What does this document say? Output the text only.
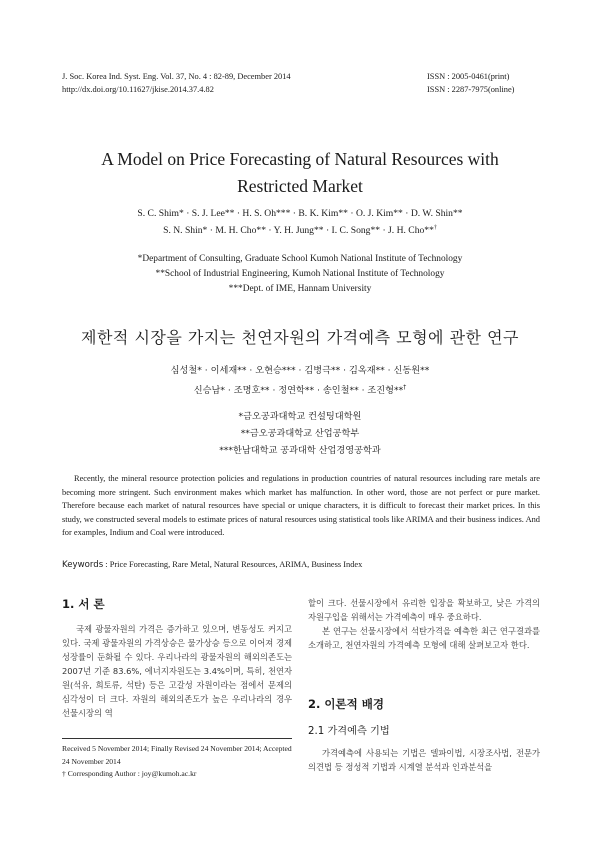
J. Soc. Korea Ind. Syst. Eng. Vol. 37, No. 4 : 82-89, December 2014
http://dx.doi.org/10.11627/jkise.2014.37.4.82
ISSN : 2005-0461(print)
ISSN : 2287-7975(online)
A Model on Price Forecasting of Natural Resources with
Restricted Market
S. C. Shim* · S. J. Lee** · H. S. Oh*** · B. K. Kim** · O. J. Kim** · D. W. Shin**
S. N. Shin* · M. H. Cho** · Y. H. Jung** · I. C. Song** · J. H. Cho**†
*Department of Consulting, Graduate School Kumoh National Institute of Technology
**School of Industrial Engineering, Kumoh National Institute of Technology
***Dept. of IME, Hannam University
제한적 시장을 가지는 천연자원의 가격예측 모형에 관한 연구
심성철* · 이세재** · 오현승*** · 김병극** · 김옥재** · 신동원**
신승남* · 조명호** · 정연학** · 송인철** · 조진형**†
*금오공과대학교 컨설팅대학원
**금오공과대학교 산업공학부
***한남대학교 공과대학 산업경영공학과
Recently, the mineral resource protection policies and regulations in production countries of natural resources including rare metals are becoming more stringent. Such environment makes which market has malfunction. In other word, those are not perfect or pure market. Therefore because each market of natural resources have special or unique characters, it is difficult to forecast their market prices. In this study, we constructed several models to estimate prices of natural resources using statistical tools like ARIMA and their business indices. And for examples, Indium and Coal were introduced.
Keywords : Price Forecasting, Rare Metal, Natural Resources, ARIMA, Business Index
1. 서 론

국제 광물자원의 가격은 증가하고 있으며, 변동성도 커지고 있다. 국제 광물자원의 가격상승은 물가상승 등으로 이어져 경제성장률이 둔화될 수 있다. 우리나라의 광물자원의 해외의존도는 2007년 기준 83.6%, 에너지자원도는 3.4%이며, 특히, 천연자원(석유, 희토류, 석탄) 등은 고갈성 자원이라는 점에서 문제의 심각성이 더 크다. 자원의 해외의존도가 높은 우리나라의 경우 선물시장의 역

Received 5 November 2014; Finally Revised 24 November 2014; Accepted 24 November 2014
† Corresponding Author : joy@kumoh.ac.kr

할이 크다. 선물시장에서 유리한 입장을 확보하고, 낮은 가격의 자원구입을 위해서는 가격예측이 매우 중요하다.

본 연구는 선물시장에서 석탄가격을 예측한 최근 연구결과를 소개하고, 천연자원의 가격예측 모형에 대해 살펴보고자 한다.

2. 이론적 배경
2.1 가격예측 기법

가격예측에 사용되는 기법은 델파이법, 시장조사법, 전문가의견법 등 정성적 기법과 시계열 분석과 인과분석을
